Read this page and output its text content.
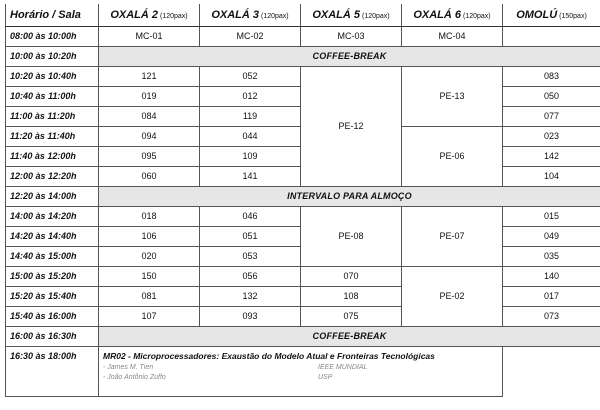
Horário / Sala	OXALÁ 2 (120pax)	OXALÁ 3 (120pax)	OXALÁ 5 (120pax)	OXALÁ 6 (120pax)	OMOLÚ (150pax)
08:00 às 10:00h	MC-01	MC-02	MC-03	MC-04	
10:00 às 10:20h	COFFEE-BREAK				
10:20 às 10:40h	121	052	PE-12	PE-13	083
10:40 às 11:00h	019	012			050
11:00 às 11:20h	084	119			077
11:20 às 11:40h	094	044		PE-06	023
11:40 às 12:00h	095	109			142
12:00 às 12:20h	060	141			104
12:20 às 14:00h	INTERVALO PARA ALMOÇO				
14:00 às 14:20h	018	046	PE-08	PE-07	015
14:20 às 14:40h	106	051			049
14:40 às 15:00h	020	053			035
15:00 às 15:20h	150	056	070	PE-02	140
15:20 às 15:40h	081	132	108		017
15:40 às 16:00h	107	093	075		073
16:00 às 16:30h	COFFEE-BREAK				
16:30 às 18:00h	MR02 - Microprocessadores: Exaustão do Modelo Atual e Fronteiras Tecnológicas
- James M. Tien IEEE MUNDIAL
- João Antônio Zuffo USP				
